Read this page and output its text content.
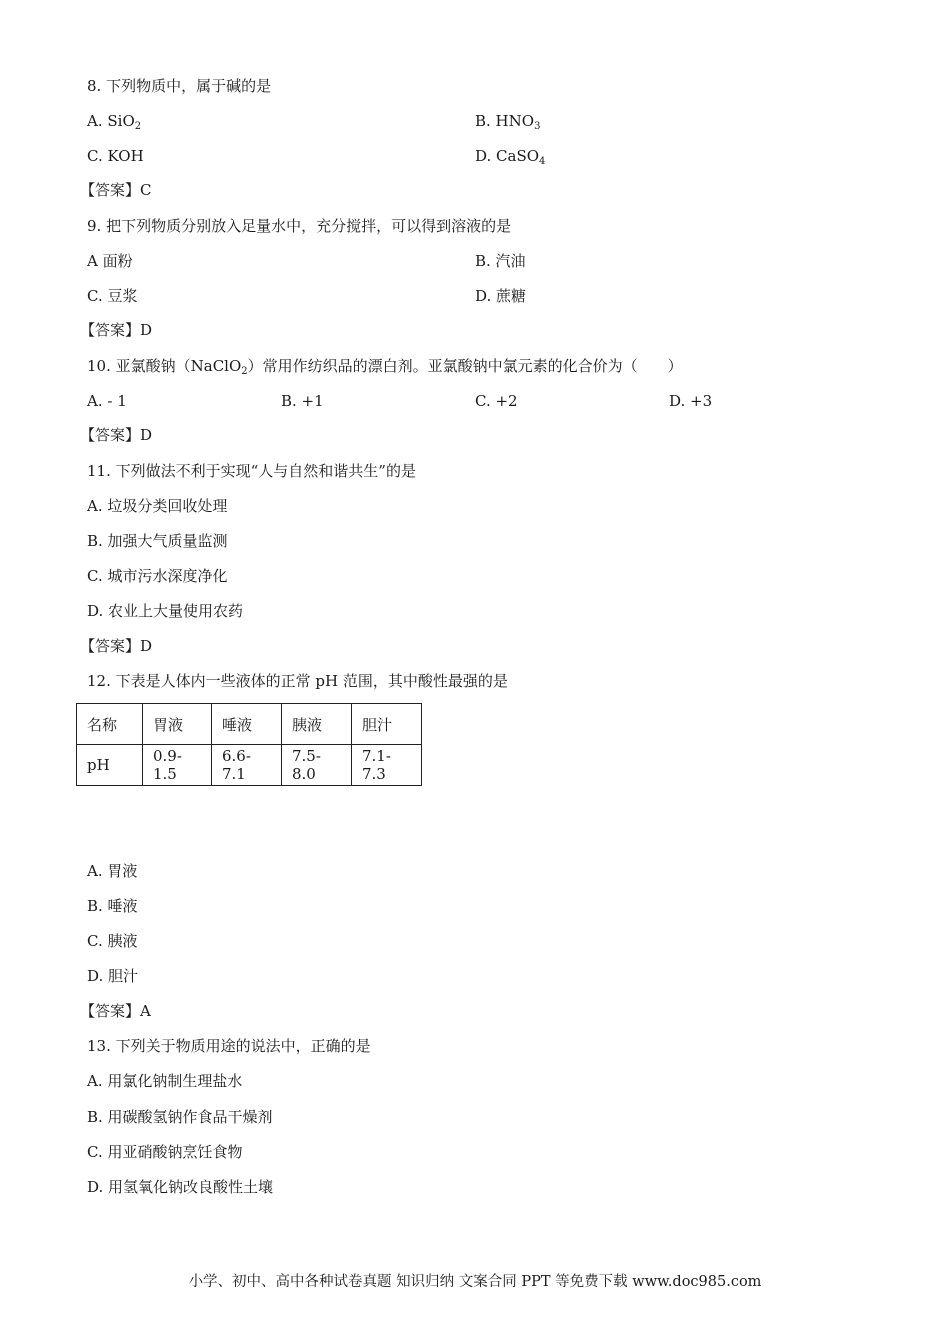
8. 下列物质中，属于碱的是
A. SiO$_2$	B. $HNO_3$
C. KOH	D. CaSO$_4$
【答案】C
9. 把下列物质分别放入足量水中，充分搅拌，可以得到溶液的是
A 面粉	B. 汽油
C. 豆浆	D. 蔗糖
【答案】D
10. 亚氯酸钠（NaClO$_2$）常用作纺织品的漂白剂。亚氯酸钠中氯元素的化合价为（　　）
A. - 1	B. +1	C. +2	D. +3
【答案】D
11. 下列做法不利于实现“人与自然和谐共生”的是
A. 垃圾分类回收处理
B. 加强大气质量监测
C. 城市污水深度净化
D. 农业上大量使用农药
【答案】D
12. 下表是人体内一些液体的正常 pH 范围，其中酸性最强的是
名称	胃液	唾液	胰液	胆汁
pH	0.9-1.5	6.6-7.1	7.5-8.0	7.1-7.3
A. 胃液
B. 唾液
C. 胰液
D. 胆汁
【答案】A
13. 下列关于物质用途的说法中，正确的是
A. 用氯化钠制生理盐水
B. 用碳酸氢钠作食品干燥剂
C. 用亚硝酸钠烹饪食物
D. 用氢氧化钠改良酸性土壤
小学、初中、高中各种试卷真题 知识归纳 文案合同 PPT 等免费下载 www.doc985.com
